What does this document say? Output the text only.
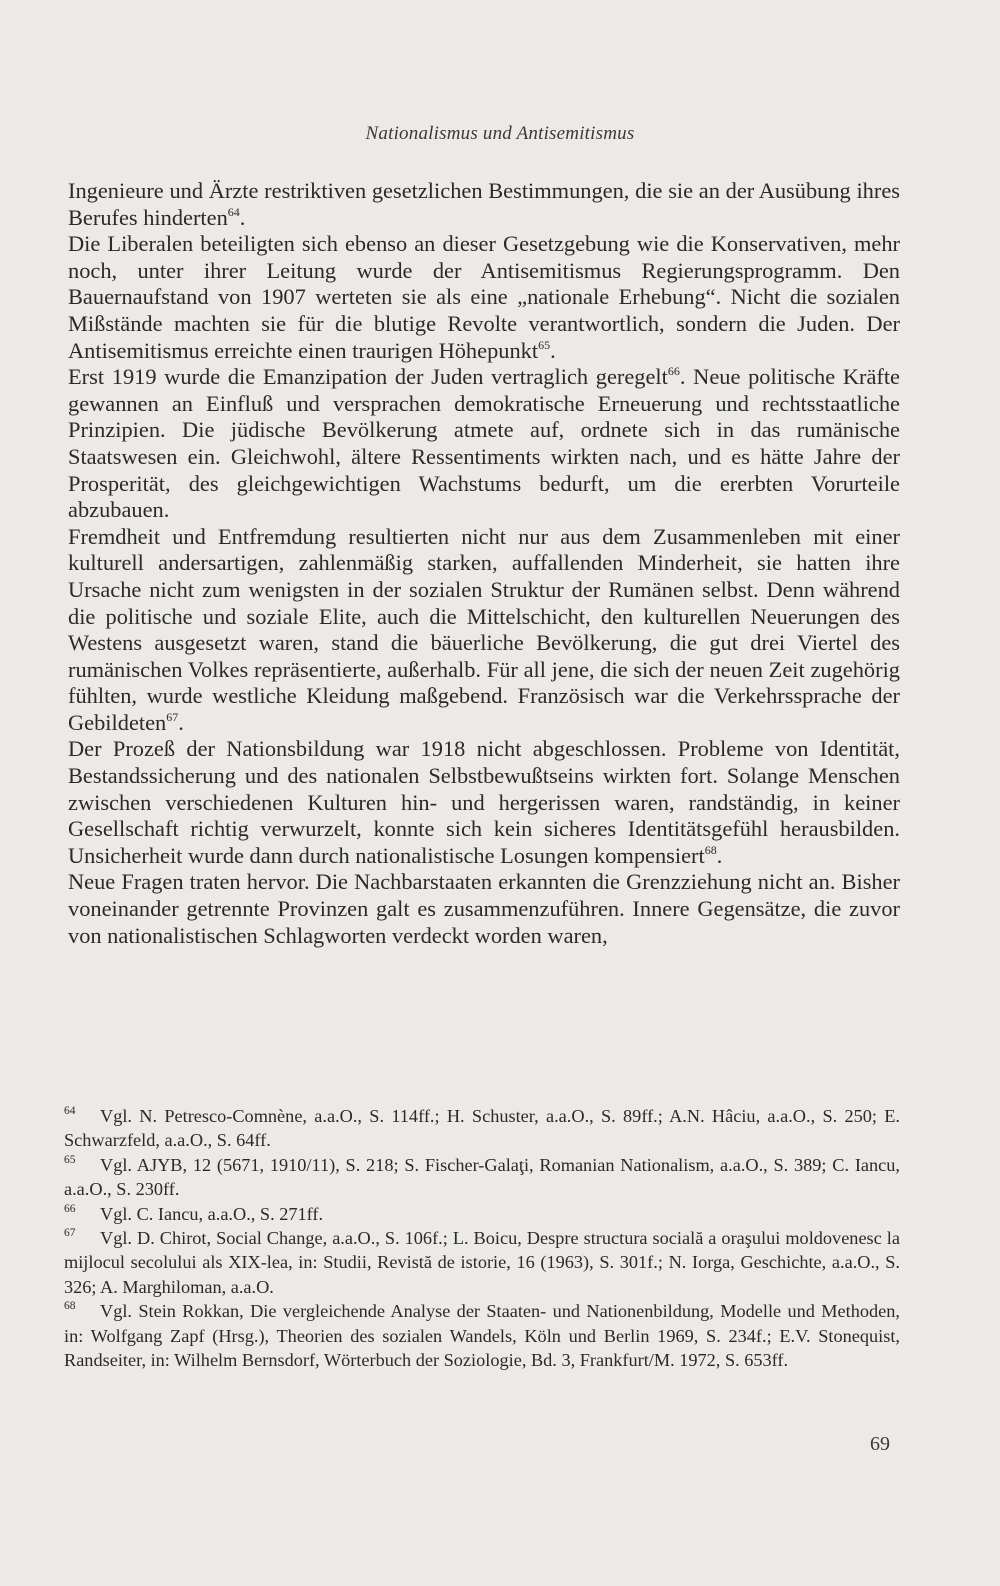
Nationalismus und Antisemitismus

Ingenieure und Ärzte restriktiven gesetzlichen Bestimmungen, die sie an der Ausübung ihres Berufes hinderten$^{64}$.

Die Liberalen beteiligten sich ebenso an dieser Gesetzgebung wie die Konservativen, mehr noch, unter ihrer Leitung wurde der Antisemitismus Regierungsprogramm. Den Bauernaufstand von 1907 werteten sie als eine „nationale Erhebung“. Nicht die sozialen Mißstände machten sie für die blutige Revolte verantwortlich, sondern die Juden. Der Antisemitismus erreichte einen traurigen Höhepunkt$^{65}$.

Erst 1919 wurde die Emanzipation der Juden vertraglich geregelt$^{66}$. Neue politische Kräfte gewannen an Einfluß und versprachen demokratische Erneuerung und rechtsstaatliche Prinzipien. Die jüdische Bevölkerung atmete auf, ordnete sich in das rumänische Staatswesen ein. Gleichwohl, ältere Ressentiments wirkten nach, und es hätte Jahre der Prosperität, des gleichgewichtigen Wachstums bedurft, um die ererbten Vorurteile abzubauen.

Fremdheit und Entfremdung resultierten nicht nur aus dem Zusammenleben mit einer kulturell andersartigen, zahlenmäßig starken, auffallenden Minderheit, sie hatten ihre Ursache nicht zum wenigsten in der sozialen Struktur der Rumänen selbst. Denn während die politische und soziale Elite, auch die Mittelschicht, den kulturellen Neuerungen des Westens ausgesetzt waren, stand die bäuerliche Bevölkerung, die gut drei Viertel des rumänischen Volkes repräsentierte, außerhalb. Für all jene, die sich der neuen Zeit zugehörig fühlten, wurde westliche Kleidung maßgebend. Französisch war die Verkehrssprache der Gebildeten$^{67}$.

Der Prozeß der Nationsbildung war 1918 nicht abgeschlossen. Probleme von Identität, Bestandssicherung und des nationalen Selbstbewußtseins wirkten fort. Solange Menschen zwischen verschiedenen Kulturen hin- und hergerissen waren, randständig, in keiner Gesellschaft richtig verwurzelt, konnte sich kein sicheres Identitätsgefühl herausbilden. Unsicherheit wurde dann durch nationalistische Losungen kompensiert$^{68}$.

Neue Fragen traten hervor. Die Nachbarstaaten erkannten die Grenzziehung nicht an. Bisher voneinander getrennte Provinzen galt es zusammenzuführen. Innere Gegensätze, die zuvor von nationalistischen Schlagworten verdeckt worden waren,

64 Vgl. N. Petresco-Comnène, a.a.O., S. 114ff.; H. Schuster, a.a.O., S. 89ff.; A.N. Hâciu, a.a.O., S. 250; E. Schwarzfeld, a.a.O., S. 64ff.

65 Vgl. AJYB, 12 (5671, 1910/11), S. 218; S. Fischer-Galaţi, Romanian Nationalism, a.a.O., S. 389; C. Iancu, a.a.O., S. 230ff.

66 Vgl. C. Iancu, a.a.O., S. 271ff.

67 Vgl. D. Chirot, Social Change, a.a.O., S. 106f.; L. Boicu, Despre structura socială a oraşului moldovenesc la mijlocul secolului als XIX-lea, in: Studii, Revistă de istorie, 16 (1963), S. 301f.; N. Iorga, Geschichte, a.a.O., S. 326; A. Marghiloman, a.a.O.

68 Vgl. Stein Rokkan, Die vergleichende Analyse der Staaten- und Nationenbildung, Modelle und Methoden, in: Wolfgang Zapf (Hrsg.), Theorien des sozialen Wandels, Köln und Berlin 1969, S. 234f.; E.V. Stonequist, Randseiter, in: Wilhelm Bernsdorf, Wörterbuch der Soziologie, Bd. 3, Frankfurt/M. 1972, S. 653ff.

69
